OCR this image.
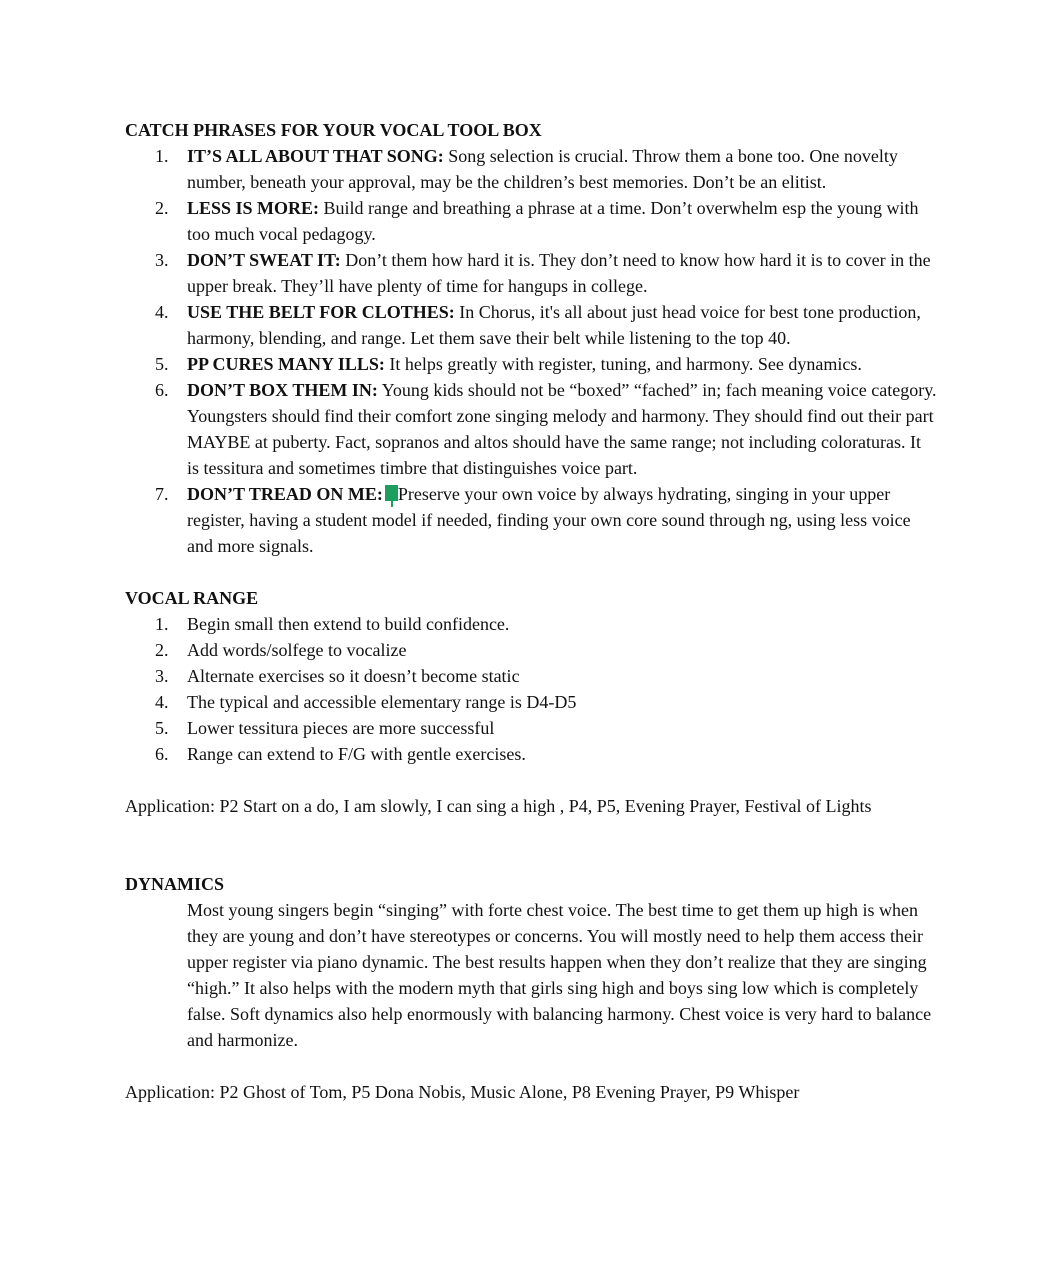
CATCH PHRASES FOR YOUR VOCAL TOOL BOX
1. IT’S ALL ABOUT THAT SONG: Song selection is crucial. Throw them a bone too. One novelty number, beneath your approval, may be the children’s best memories. Don’t be an elitist.
2. LESS IS MORE: Build range and breathing a phrase at a time. Don’t overwhelm esp the young with too much vocal pedagogy.
3. DON’T SWEAT IT: Don’t them how hard it is. They don’t need to know how hard it is to cover in the upper break. They’ll have plenty of time for hangups in college.
4. USE THE BELT FOR CLOTHES: In Chorus, it's all about just head voice for best tone production, harmony, blending, and range. Let them save their belt while listening to the top 40.
5. PP CURES MANY ILLS: It helps greatly with register, tuning, and harmony. See dynamics.
6. DON’T BOX THEM IN: Young kids should not be “boxed” “fached” in; fach meaning voice category. Youngsters should find their comfort zone singing melody and harmony. They should find out their part MAYBE at puberty. Fact, sopranos and altos should have the same range; not including coloraturas. It is tessitura and sometimes timbre that distinguishes voice part.
7. DON’T TREAD ON ME: Preserve your own voice by always hydrating, singing in your upper register, having a student model if needed, finding your own core sound through ng, using less voice and more signals.
VOCAL RANGE
1. Begin small then extend to build confidence.
2. Add words/solfege to vocalize
3. Alternate exercises so it doesn’t become static
4. The typical and accessible elementary range is D4-D5
5. Lower tessitura pieces are more successful
6. Range can extend to F/G with gentle exercises.

Application: P2 Start on a do, I am slowly, I can sing a high , P4, P5, Evening Prayer, Festival of Lights

DYNAMICS

Most young singers begin “singing” with forte chest voice. The best time to get them up high is when they are young and don’t have stereotypes or concerns. You will mostly need to help them access their upper register via piano dynamic. The best results happen when they don’t realize that they are singing “high.” It also helps with the modern myth that girls sing high and boys sing low which is completely false. Soft dynamics also help enormously with balancing harmony. Chest voice is very hard to balance and harmonize.

Application: P2 Ghost of Tom, P5 Dona Nobis, Music Alone, P8 Evening Prayer, P9 Whisper
